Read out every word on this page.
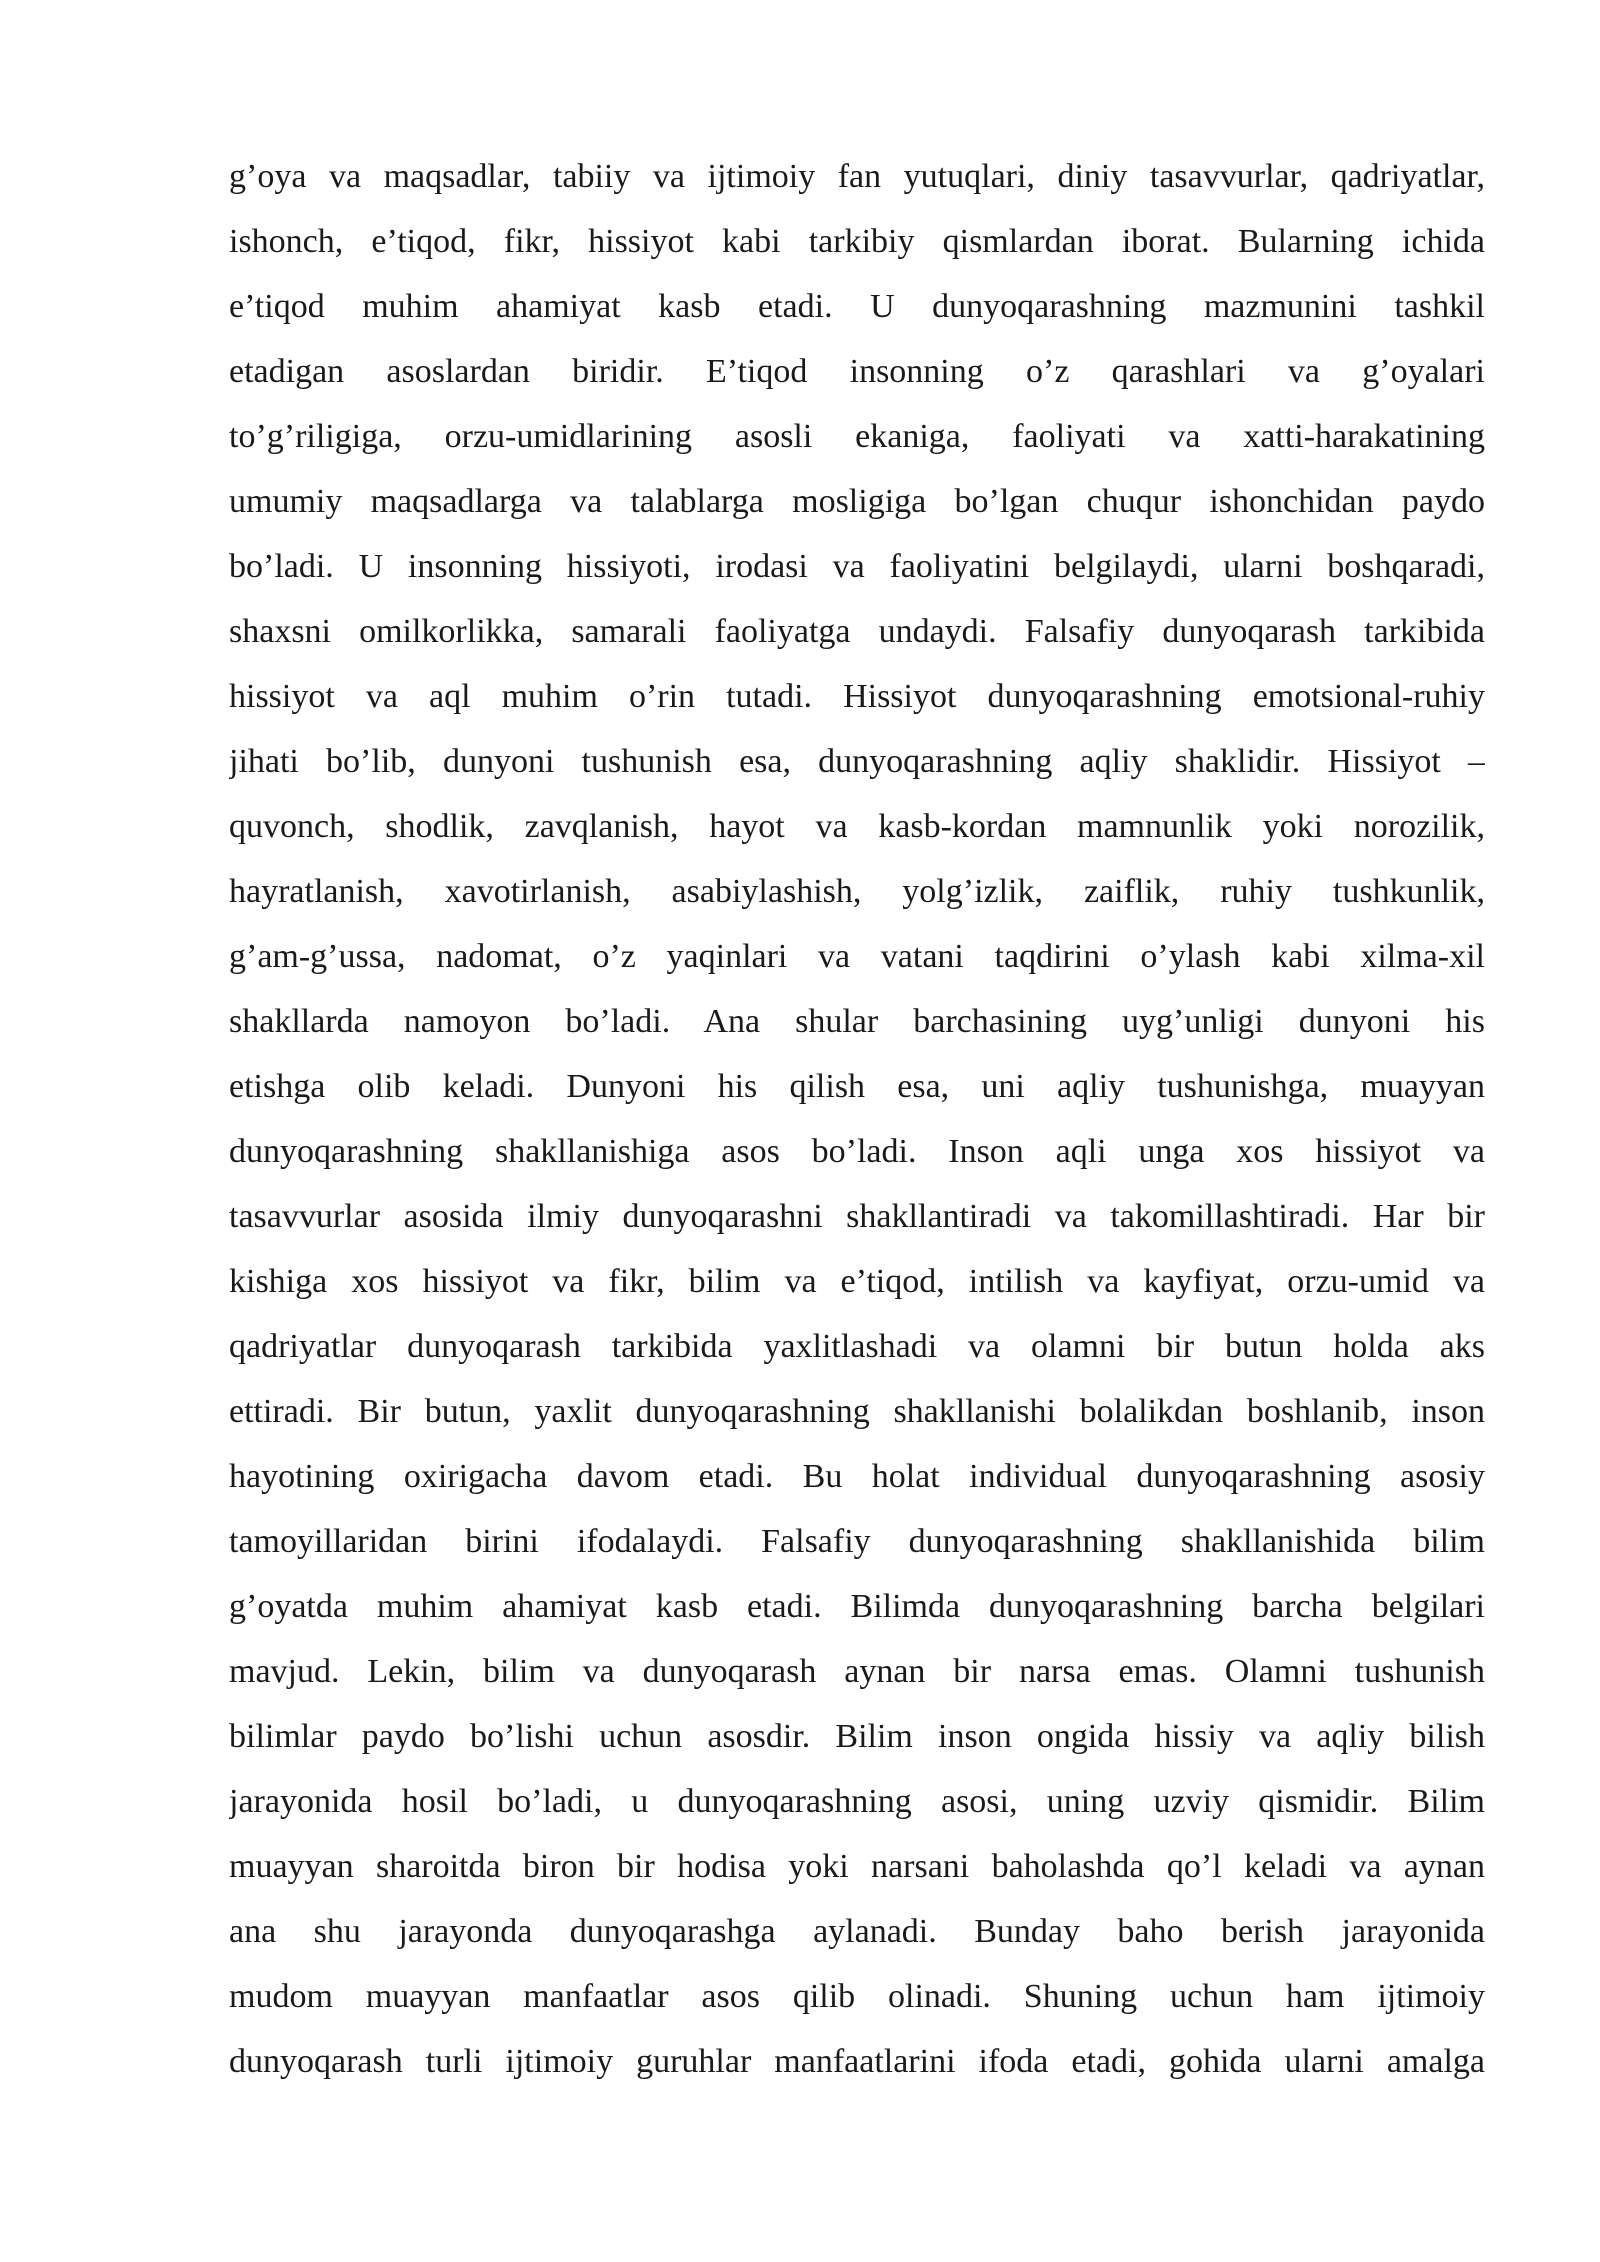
g’oya va maqsadlar, tabiiy va ijtimoiy fan yutuqlari, diniy tasavvurlar, qadriyatlar,
ishonch, e’tiqod, fikr, hissiyot kabi tarkibiy qismlardan iborat. Bularning ichida
e’tiqod muhim ahamiyat kasb etadi. U dunyoqarashning mazmunini tashkil
etadigan asoslardan biridir. E’tiqod insonning o’z qarashlari va g’oyalari
to’g’riligiga, orzu-umidlarining asosli ekaniga, faoliyati va xatti-harakatining
umumiy maqsadlarga va talablarga mosligiga bo’lgan chuqur ishonchidan paydo
bo’ladi. U insonning hissiyoti, irodasi va faoliyatini belgilaydi, ularni boshqaradi,
shaxsni omilkorlikka, samarali faoliyatga undaydi. Falsafiy dunyoqarash tarkibida
hissiyot va aql muhim o’rin tutadi. Hissiyot dunyoqarashning emotsional-ruhiy
jihati bo’lib, dunyoni tushunish esa, dunyoqarashning aqliy shaklidir. Hissiyot –
quvonch, shodlik, zavqlanish, hayot va kasb-kordan mamnunlik yoki norozilik,
hayratlanish, xavotirlanish, asabiylashish, yolg’izlik, zaiflik, ruhiy tushkunlik,
g’am-g’ussa, nadomat, o’z yaqinlari va vatani taqdirini o’ylash kabi xilma-xil
shakllarda namoyon bo’ladi. Ana shular barchasining uyg’unligi dunyoni his
etishga olib keladi. Dunyoni his qilish esa, uni aqliy tushunishga, muayyan
dunyoqarashning shakllanishiga asos bo’ladi. Inson aqli unga xos hissiyot va
tasavvurlar asosida ilmiy dunyoqarashni shakllantiradi va takomillashtiradi. Har bir
kishiga xos hissiyot va fikr, bilim va e’tiqod, intilish va kayfiyat, orzu-umid va
qadriyatlar dunyoqarash tarkibida yaxlitlashadi va olamni bir butun holda aks
ettiradi. Bir butun, yaxlit dunyoqarashning shakllanishi bolalikdan boshlanib, inson
hayotining oxirigacha davom etadi. Bu holat individual dunyoqarashning asosiy
tamoyillaridan birini ifodalaydi. Falsafiy dunyoqarashning shakllanishida bilim
g’oyatda muhim ahamiyat kasb etadi. Bilimda dunyoqarashning barcha belgilari
mavjud. Lekin, bilim va dunyoqarash aynan bir narsa emas. Olamni tushunish
bilimlar paydo bo’lishi uchun asosdir. Bilim inson ongida hissiy va aqliy bilish
jarayonida hosil bo’ladi, u dunyoqarashning asosi, uning uzviy qismidir. Bilim
muayyan sharoitda biron bir hodisa yoki narsani baholashda qo’l keladi va aynan
ana shu jarayonda dunyoqarashga aylanadi. Bunday baho berish jarayonida
mudom muayyan manfaatlar asos qilib olinadi. Shuning uchun ham ijtimoiy
dunyoqarash turli ijtimoiy guruhlar manfaatlarini ifoda etadi, gohida ularni amalga
